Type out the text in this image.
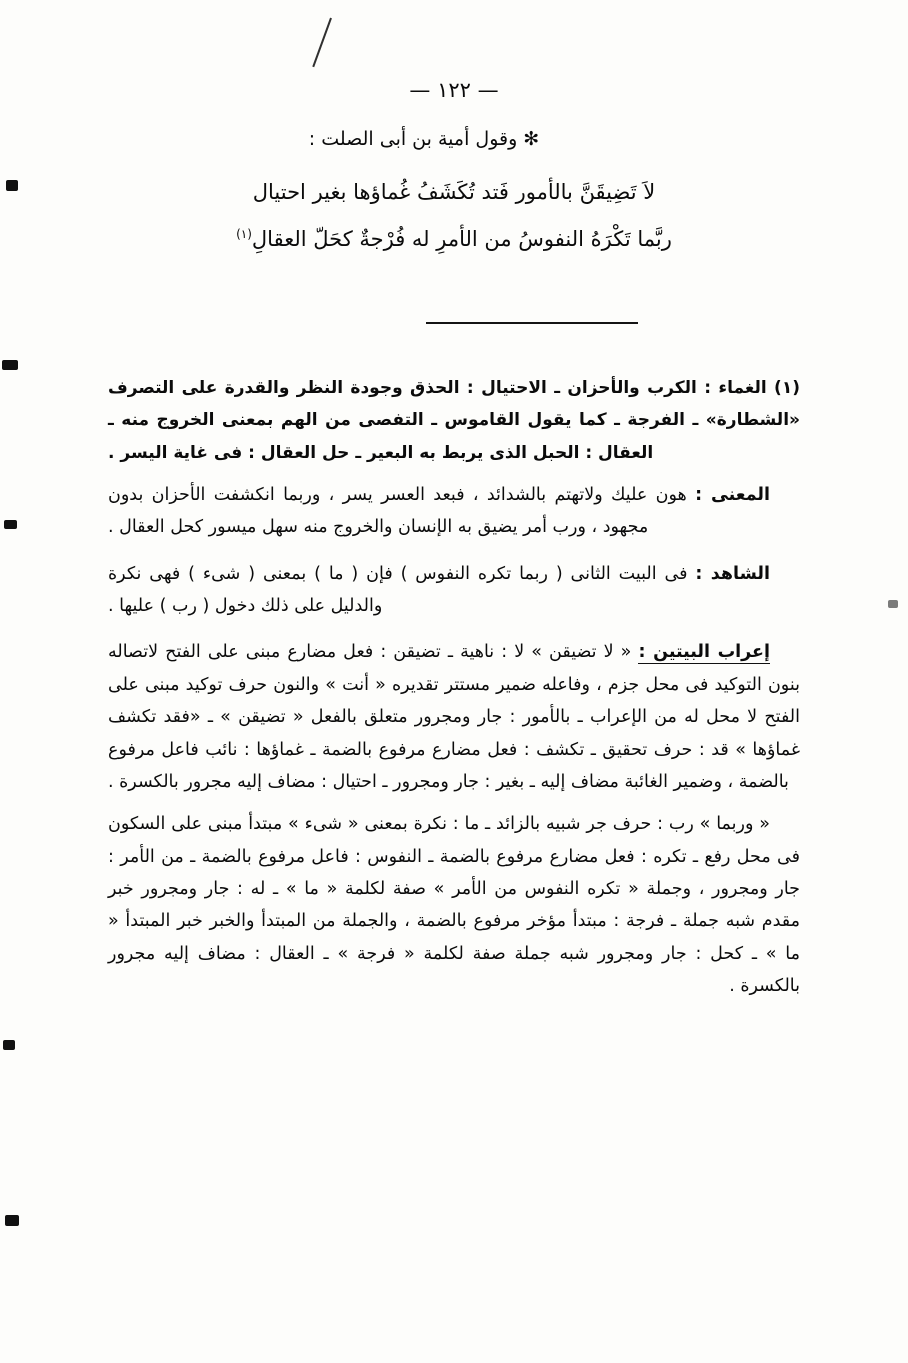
— ١٢٢ —
✻ وقول أمية بن أبى الصلت :
لاَ تَضِيقَنَّ بالأمور فَتد تُكَشَفُ غُماؤها بغير احتيال
ربَّما تَكْرَهُ النفوسُ من الأمرِ له فُرْجةٌ كحَلّ العقالِ$^{(١)}$

(١) الغماء : الكرب والأحزان ـ الاحتيال : الحذق وجودة النظر والقدرة على التصرف «الشطارة» ـ الفرجة ـ كما يقول القاموس ـ التفصى من الهم بمعنى الخروج منه ـ العقال : الحبل الذى يربط به البعير ـ حل العقال : فى غاية اليسر .

المعنى : هون عليك ولاتهتم بالشدائد ، فبعد العسر يسر ، وربما انكشفت الأحزان بدون مجهود ، ورب أمر يضيق به الإنسان والخروج منه سهل ميسور كحل العقال .

الشاهد : فى البيت الثانى ( ربما تكره النفوس ) فإن ( ما ) بمعنى ( شىء ) فهى نكرة والدليل على ذلك دخول ( رب ) عليها .

إعراب البيتين : « لا تضيقن » لا : ناهية ـ تضيقن : فعل مضارع مبنى على الفتح لاتصاله بنون التوكيد فى محل جزم ، وفاعله ضمير مستتر تقديره « أنت » والنون حرف توكيد مبنى على الفتح لا محل له من الإعراب ـ بالأمور : جار ومجرور متعلق بالفعل « تضيقن » ـ «فقد تكشف غماؤها » قد : حرف تحقيق ـ تكشف : فعل مضارع مرفوع بالضمة ـ غماؤها : نائب فاعل مرفوع بالضمة ، وضمير الغائبة مضاف إليه ـ بغير : جار ومجرور ـ احتيال : مضاف إليه مجرور بالكسرة .

« وربما » رب : حرف جر شبيه بالزائد ـ ما : نكرة بمعنى « شىء » مبتدأ مبنى على السكون فى محل رفع ـ تكره : فعل مضارع مرفوع بالضمة ـ النفوس : فاعل مرفوع بالضمة ـ من الأمر : جار ومجرور ، وجملة « تكره النفوس من الأمر » صفة لكلمة « ما » ـ له : جار ومجرور خبر مقدم شبه جملة ـ فرجة : مبتدأ مؤخر مرفوع بالضمة ، والجملة من المبتدأ والخبر خبر المبتدأ « ما » ـ كحل : جار ومجرور شبه جملة صفة لكلمة « فرجة » ـ العقال : مضاف إليه مجرور بالكسرة .
